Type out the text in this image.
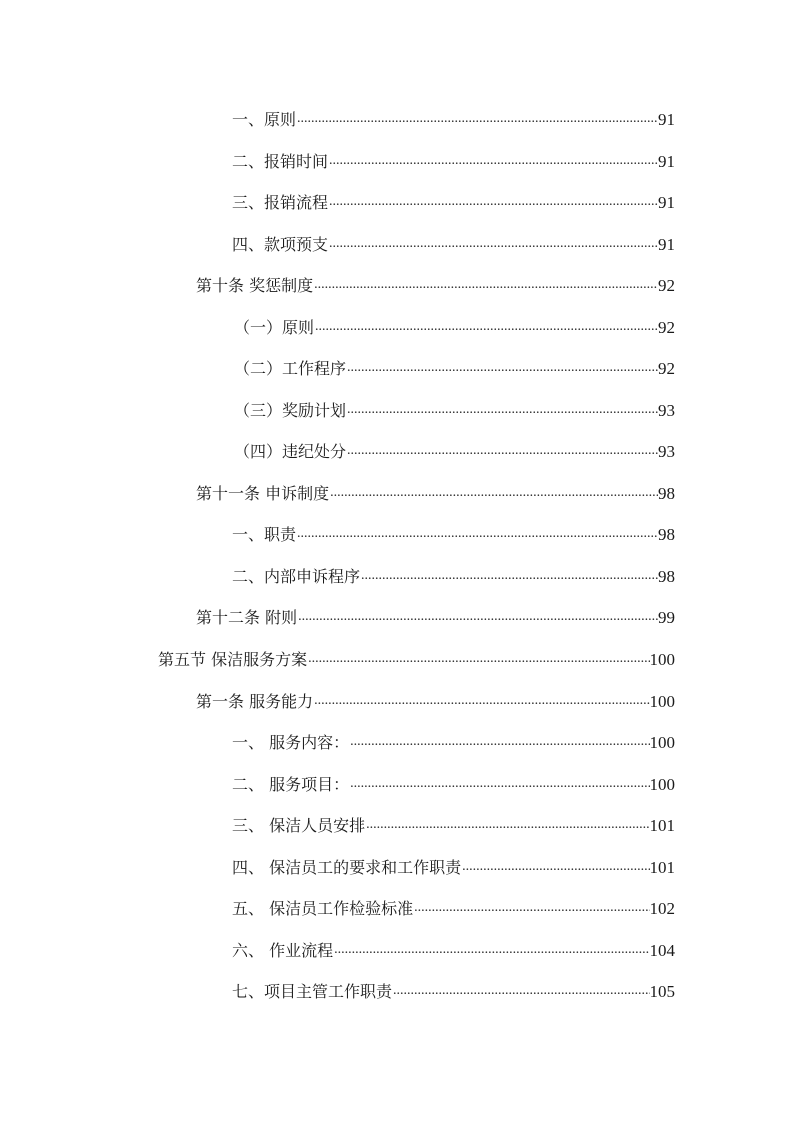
一、原则 .....	91
二、报销时间 .....	91
三、报销流程 .....	91
四、款项预支 .....	91
第十条 奖惩制度 .....	92
（一）原则 .....	92
（二）工作程序 .....	92
（三）奖励计划 .....	93
（四）违纪处分 .....	93
第十一条 申诉制度 .....	98
一、职责 .....	98
二、内部申诉程序 .....	98
第十二条 附则 .....	99
第五节 保洁服务方案 .....	100
第一条 服务能力 .....	100
一、 服务内容： .....	100
二、 服务项目： .....	100
三、 保洁人员安排 .....	101
四、 保洁员工的要求和工作职责 .....	101
五、 保洁员工作检验标准 .....	102
六、 作业流程 .....	104
七、项目主管工作职责 .....	105
